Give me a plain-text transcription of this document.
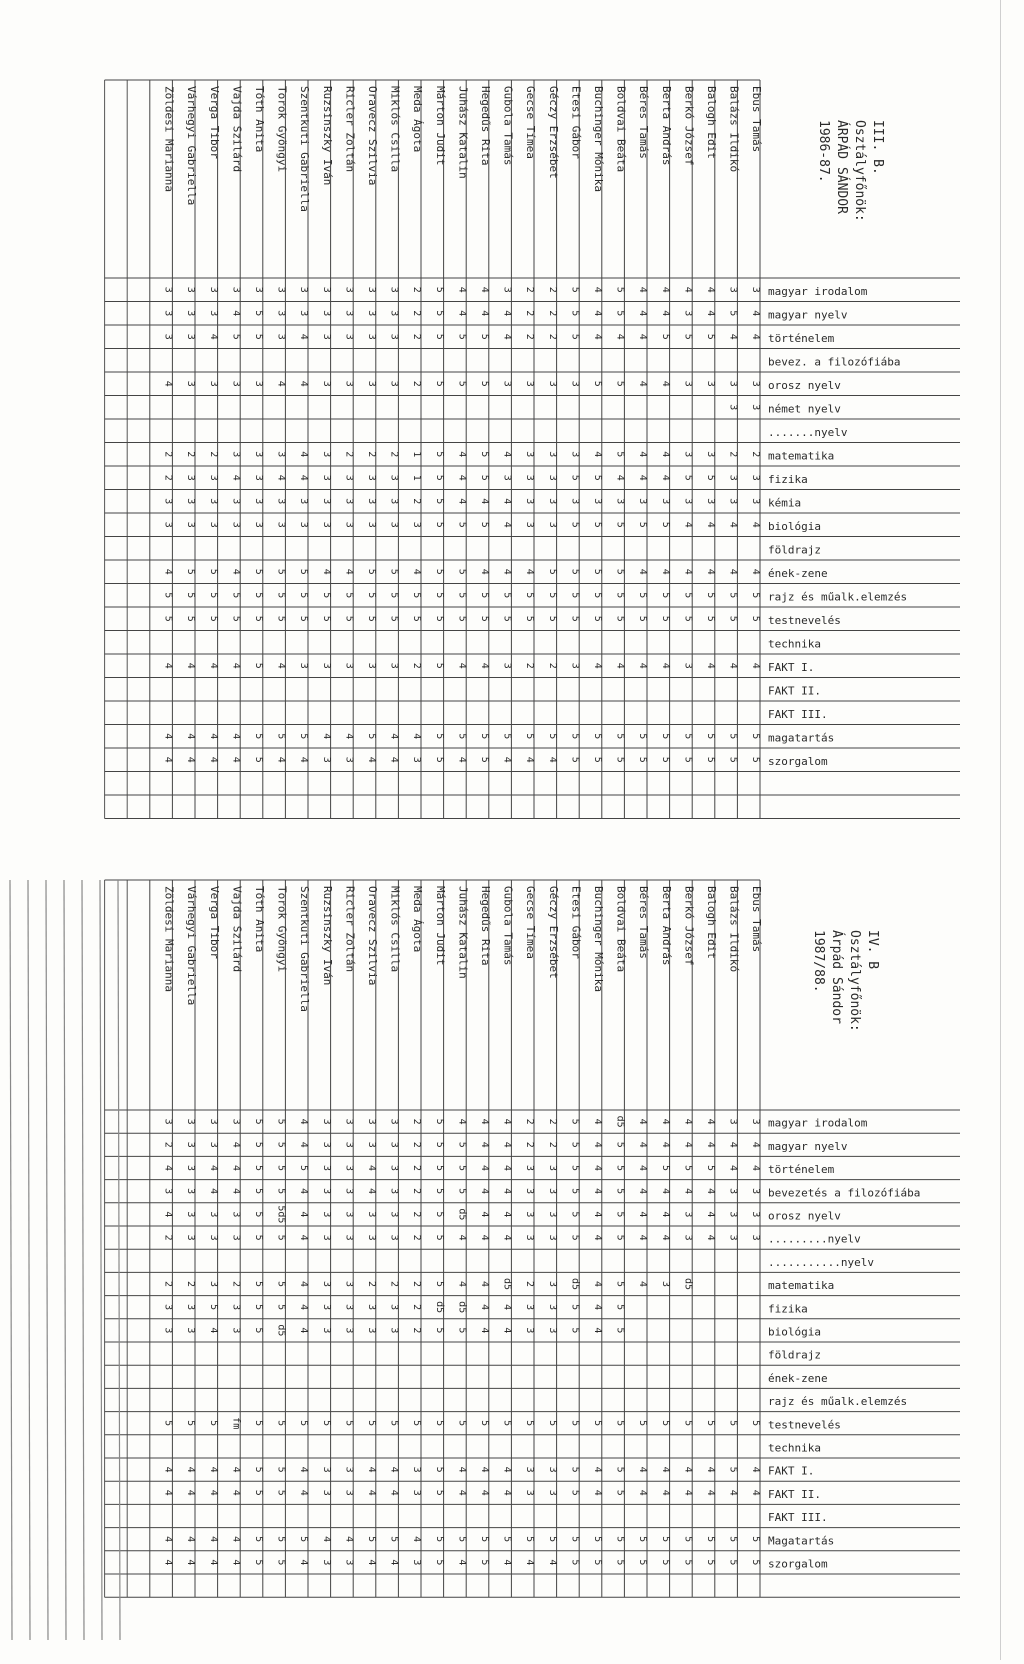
III. B.
Osztályfőnök:
ÁRPÁD SÁNDOR
1986-87.
magyar irodalom
magyar nyelv
történelem
bevez. a filozófiába
orosz nyelv
német nyelv
.......nyelv
matematika
fizika
kémia
biológia
földrajz
ének-zene
rajz és műalk.elemzés
testnevelés
technika
FAKT I.
FAKT II.
FAKT III.
magatartás
szorgalom
Ebus Tamás
3
4
4
3
3
2
3
3
4
4
5
5
4
5
5
Balázs Ildikó
3
5
4
3
3
2
3
3
4
4
5
5
4
5
5
Balogh Edit
4
4
5
3
3
5
3
4
4
5
5
4
5
5
Berkó József
4
3
5
3
3
5
3
4
4
5
5
3
5
5
Berta András
4
4
5
4
4
4
3
5
4
5
5
4
5
5
Béres Tamás
4
4
4
4
4
4
3
5
4
5
5
4
5
5
Boldvai Beáta
5
5
4
5
5
4
3
5
5
5
5
4
5
5
Buchinger Mónika
4
4
4
5
4
5
3
5
5
5
5
4
5
5
Etesi Gábor
5
5
5
3
3
5
3
5
5
5
5
3
5
5
Géczy Erzsébet
2
2
2
3
3
3
3
3
5
5
5
2
5
4
Gecse Tímea
2
2
2
3
3
3
3
3
4
5
5
2
5
4
Gubola Tamás
3
4
4
3
4
3
4
4
4
5
5
3
5
4
Hegedűs Rita
4
4
5
5
5
5
4
5
4
5
5
4
5
5
Juhász Katalin
4
4
5
5
4
4
4
5
5
5
5
4
5
4
Márton Judit
5
5
5
5
5
5
5
5
5
5
5
5
5
5
Meda Ágota
2
2
2
2
1
1
2
3
4
5
5
2
4
3
Miklós Csilla
3
3
3
3
2
3
3
3
5
5
5
3
4
4
Oravecz Szilvia
3
3
3
3
2
3
3
3
5
5
5
3
5
4
Ricler Zoltán
3
3
3
3
2
3
3
3
4
5
5
3
4
3
Ruzsinszky Iván
3
3
3
3
3
3
3
3
4
5
5
3
4
3
Szentkuti Gabriella
3
3
4
4
4
4
3
3
5
5
5
3
5
4
Torok Gyöngyi
3
3
3
4
3
4
3
3
5
5
5
4
5
4
Tóth Anita
3
5
5
3
3
3
3
3
5
5
5
5
5
5
Vajda Szilárd
3
4
5
3
3
4
3
3
4
5
5
4
4
4
Verga Tibor
3
3
4
3
2
3
3
3
5
5
5
4
4
4
Várhegyi Gabriella
3
3
3
3
2
3
3
3
5
5
5
4
4
4
Zöldesi Marianna
3
3
3
4
2
2
3
3
4
5
5
4
4
4
IV. B
Osztályfőnök:
Árpád Sándor
1987/88.
magyar irodalom
magyar nyelv
történelem
bevezetés a filozófiába
orosz nyelv
.........nyelv
...........nyelv
matematika
fizika
biológia
földrajz
ének-zene
rajz és műalk.elemzés
testnevelés
technika
FAKT I.
FAKT II.
FAKT III.
Magatartás
szorgalom
Ebus Tamás
3
4
4
3
3
3
5
4
4
5
5
Balázs Ildikó
3
4
4
3
3
3
5
5
4
5
5
Balogh Edit
4
4
5
4
4
4
5
4
4
5
5
Berkó József
4
4
5
4
3
3
d5
5
4
4
5
5
Berta András
4
4
5
4
4
4
3
5
4
4
5
5
Béres Tamás
4
4
4
4
4
4
4
5
4
4
5
5
Boldvai Beáta
d5
5
5
5
5
5
5
5
5
5
5
5
5
5
Buchinger Mónika
4
4
4
4
4
4
4
4
4
5
4
4
5
5
Etesi Gábor
5
5
5
5
5
5
d5
5
5
5
5
5
5
5
Géczy Erzsébet
2
2
3
3
3
3
3
3
3
5
3
3
5
4
Gecse Tímea
2
2
3
3
3
3
2
3
3
5
3
3
5
4
Gubola Tamás
4
4
4
4
4
4
d5
4
4
5
4
4
5
4
Hegedűs Rita
4
4
4
4
4
4
4
4
4
5
4
4
5
5
Juhász Katalin
4
5
5
5
d5
4
4
d5
5
5
4
4
5
4
Márton Judit
5
5
5
5
5
5
5
d5
5
5
5
5
5
5
Meda Ágota
2
2
2
2
2
2
2
2
2
5
3
3
4
3
Miklós Csilla
3
3
3
3
3
3
2
3
3
5
4
4
5
4
Oravecz Szilvia
3
3
4
4
3
3
2
3
3
5
4
4
5
4
Ricler Zoltán
3
3
3
3
3
3
3
3
3
5
3
3
4
3
Ruzsinszky Iván
3
3
3
3
3
3
3
3
3
5
3
3
4
3
Szentkuti Gabriella
4
4
5
4
4
4
4
4
4
5
4
4
5
4
Torok Gyöngyi
5
5
5
5
5d5
5
5
5
d5
5
5
5
5
5
Tóth Anita
5
5
5
5
5
5
5
5
5
5
5
5
5
5
Vajda Szilárd
3
4
4
4
3
3
2
3
3
fm
4
4
4
4
Verga Tibor
3
3
4
4
3
3
3
5
4
5
4
4
4
4
Várhegyi Gabriella
3
3
3
3
3
3
2
3
3
5
4
4
4
4
Zöldesi Marianna
3
2
4
3
4
2
2
3
3
5
4
4
4
4
